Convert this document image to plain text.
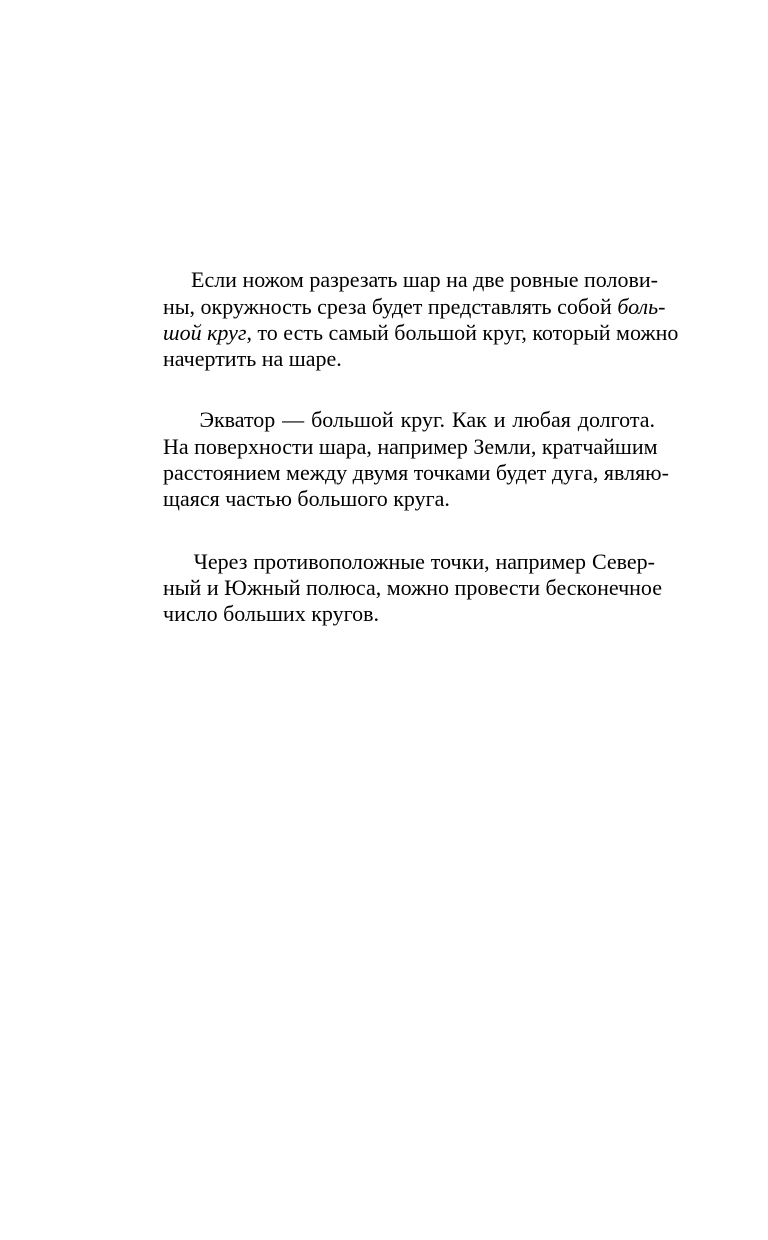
Если ножом разрезать шар на две ровные полови-

ны, окружность среза будет представлять собой боль-

шой круг, то есть самый большой круг, который можно

начертить на шаре.

Экватор — большой круг. Как и любая долгота.

На поверхности шара, например Земли, кратчайшим

расстоянием между двумя точками будет дуга, являю-

щаяся частью большого круга.

Через противоположные точки, например Север-

ный и Южный полюса, можно провести бесконечное

число больших кругов.
